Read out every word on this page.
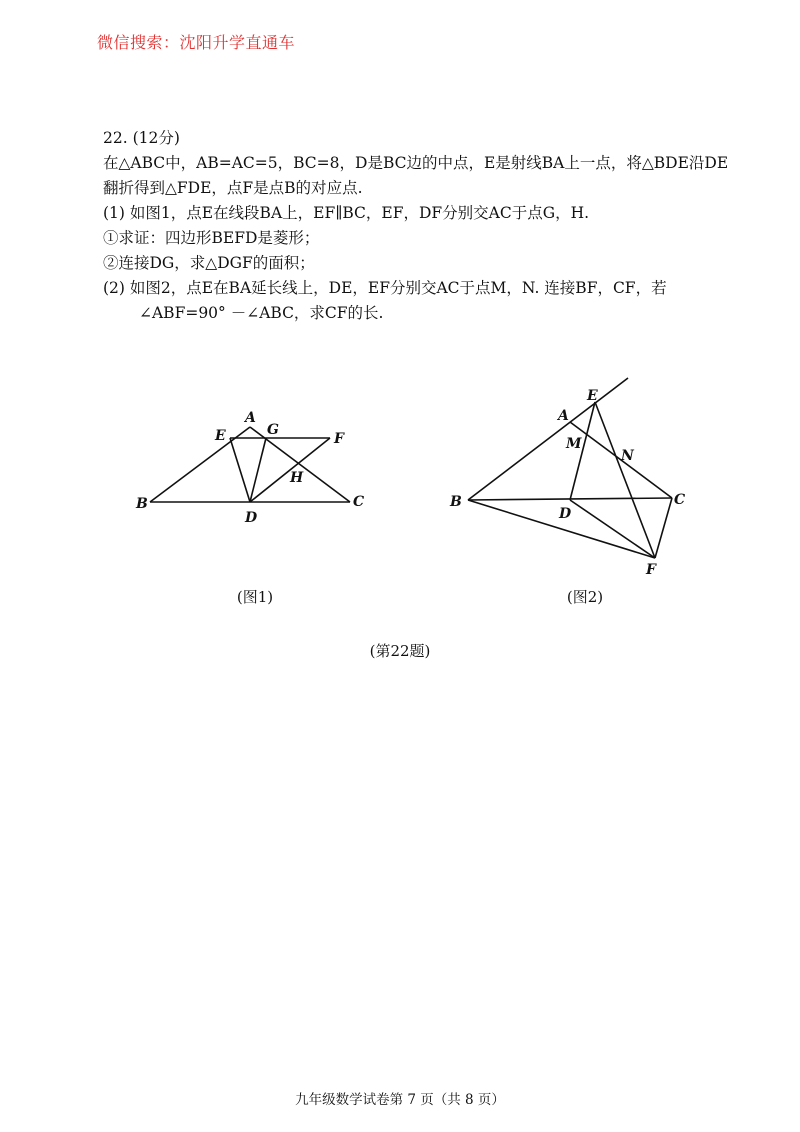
微信搜索：沈阳升学直通车
22. (12分)
在△ABC中，AB=AC=5，BC=8，D是BC边的中点，E是射线BA上一点，将△BDE沿DE
翻折得到△FDE，点F是点B的对应点.
(1) 如图1，点E在线段BA上，EF∥BC，EF，DF分别交AC于点G，H.
①求证：四边形BEFD是菱形；
②连接DG，求△DGF的面积；
(2) 如图2，点E在BA延长线上，DE，EF分别交AC于点M，N. 连接BF，CF，若
∠ABF=90° －∠ABC，求CF的长.
A
B	C
D
E	F
G
H
(图1)
A
B	C
D
E
F
M
N
(图2)
(第22题)
九年级数学试卷第 7 页（共 8 页）
